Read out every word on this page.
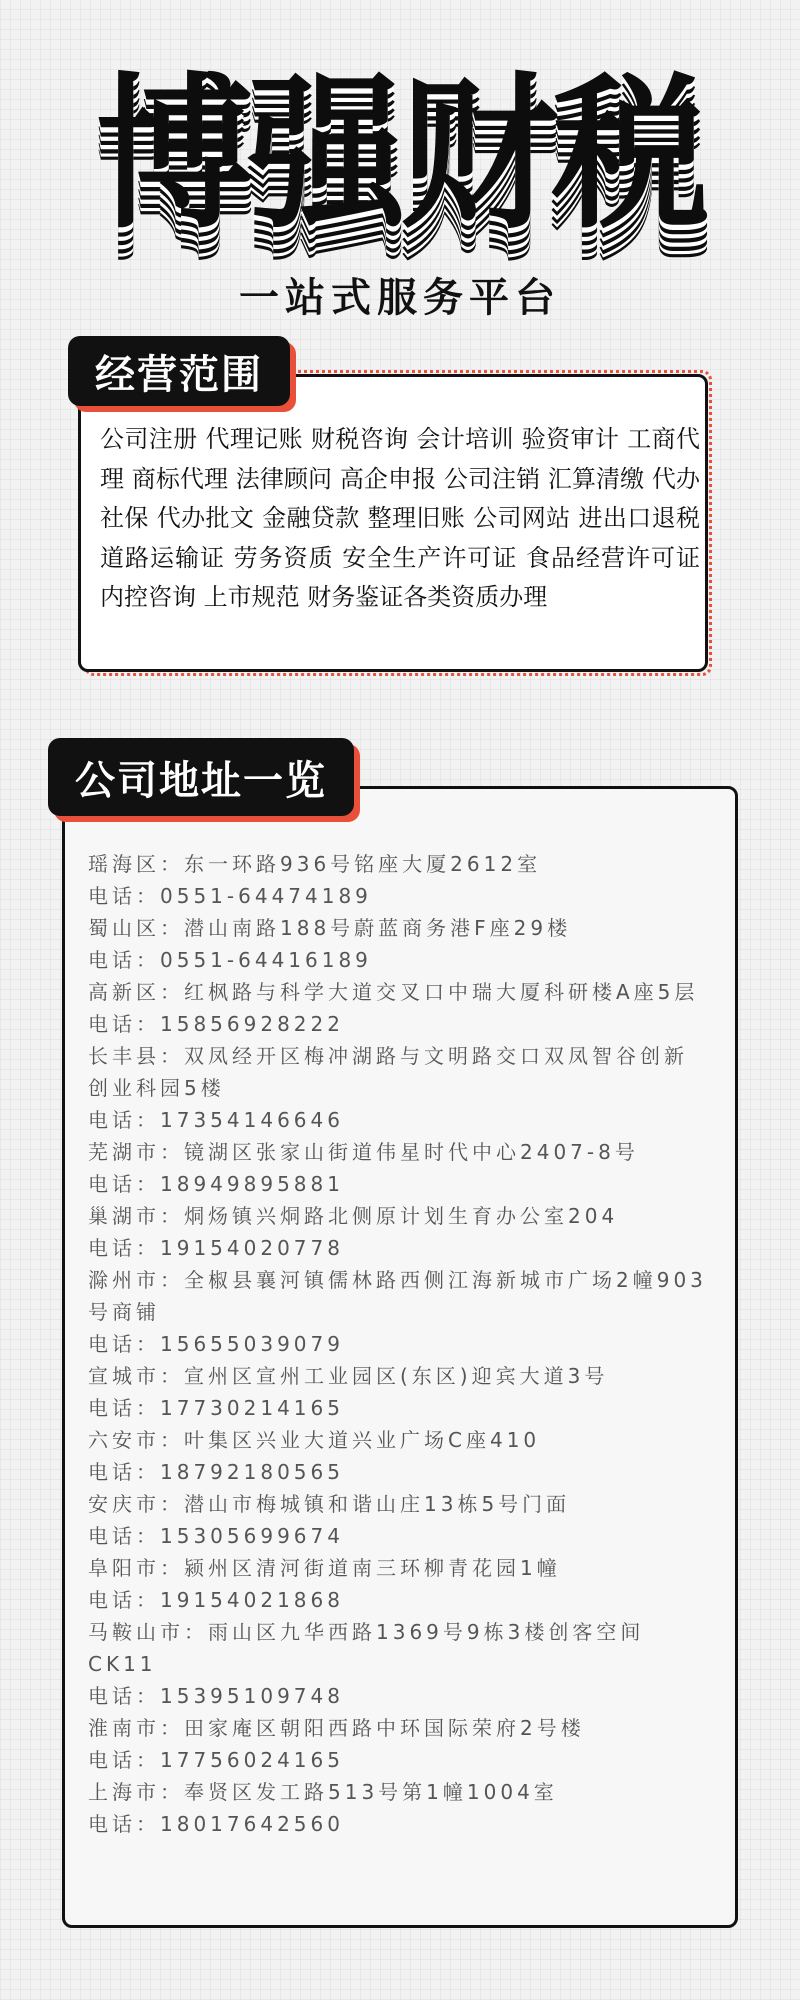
博强财税
一站式服务平台
经营范围
公司注册 代理记账 财税咨询 会计培训 验资审计 工商代理 商标代理 法律顾问 高企申报 公司注销 汇算清缴 代办社保 代办批文 金融贷款 整理旧账 公司网站 进出口退税 道路运输证 劳务资质 安全生产许可证 食品经营许可证 内控咨询 上市规范 财务鉴证各类资质办理
公司地址一览
瑶海区：东一环路936号铭座大厦2612室
电话：0551-64474189
蜀山区：潜山南路188号蔚蓝商务港F座29楼
电话：0551-64416189
高新区：红枫路与科学大道交叉口中瑞大厦科研楼A座5层
电话：15856928222
长丰县：双凤经开区梅冲湖路与文明路交口双凤智谷创新创业科园5楼
电话：17354146646
芜湖市：镜湖区张家山街道伟星时代中心2407-8号
电话：18949895881
巢湖市：烔炀镇兴烔路北侧原计划生育办公室204
电话：19154020778
滁州市：全椒县襄河镇儒林路西侧江海新城市广场2幢903号商铺
电话：15655039079
宣城市：宣州区宣州工业园区(东区)迎宾大道3号
电话：17730214165
六安市：叶集区兴业大道兴业广场C座410
电话：18792180565
安庆市：潜山市梅城镇和谐山庄13栋5号门面
电话：15305699674
阜阳市：颍州区清河街道南三环柳青花园1幢
电话：19154021868
马鞍山市：雨山区九华西路1369号9栋3楼创客空间CK11
电话：15395109748
淮南市：田家庵区朝阳西路中环国际荣府2号楼
电话：17756024165
上海市：奉贤区发工路513号第1幢1004室
电话：18017642560
